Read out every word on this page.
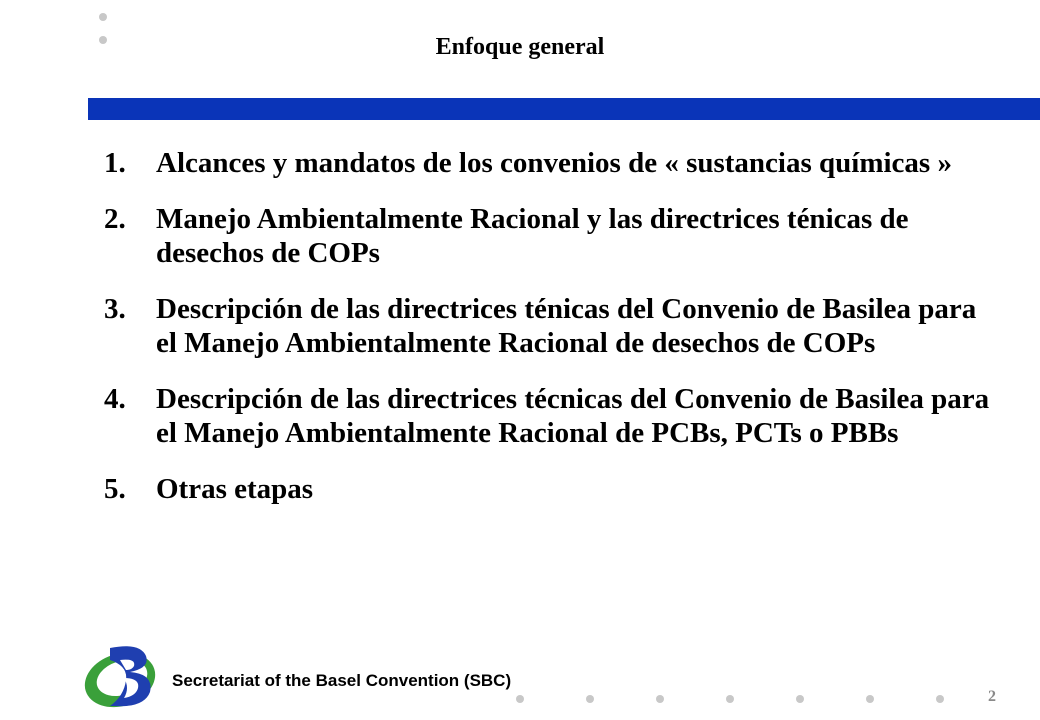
Enfoque general
1.	Alcances y mandatos de los convenios de « sustancias químicas »
2.	Manejo Ambientalmente Racional y las directrices ténicas de desechos de COPs
3.	Descripción de las directrices ténicas del Convenio de Basilea para el Manejo Ambientalmente Racional de desechos de COPs
4.	Descripción de las directrices técnicas del Convenio de Basilea para el Manejo Ambientalmente Racional de PCBs, PCTs o PBBs
5.	Otras etapas
Secretariat of the Basel Convention (SBC)
2
